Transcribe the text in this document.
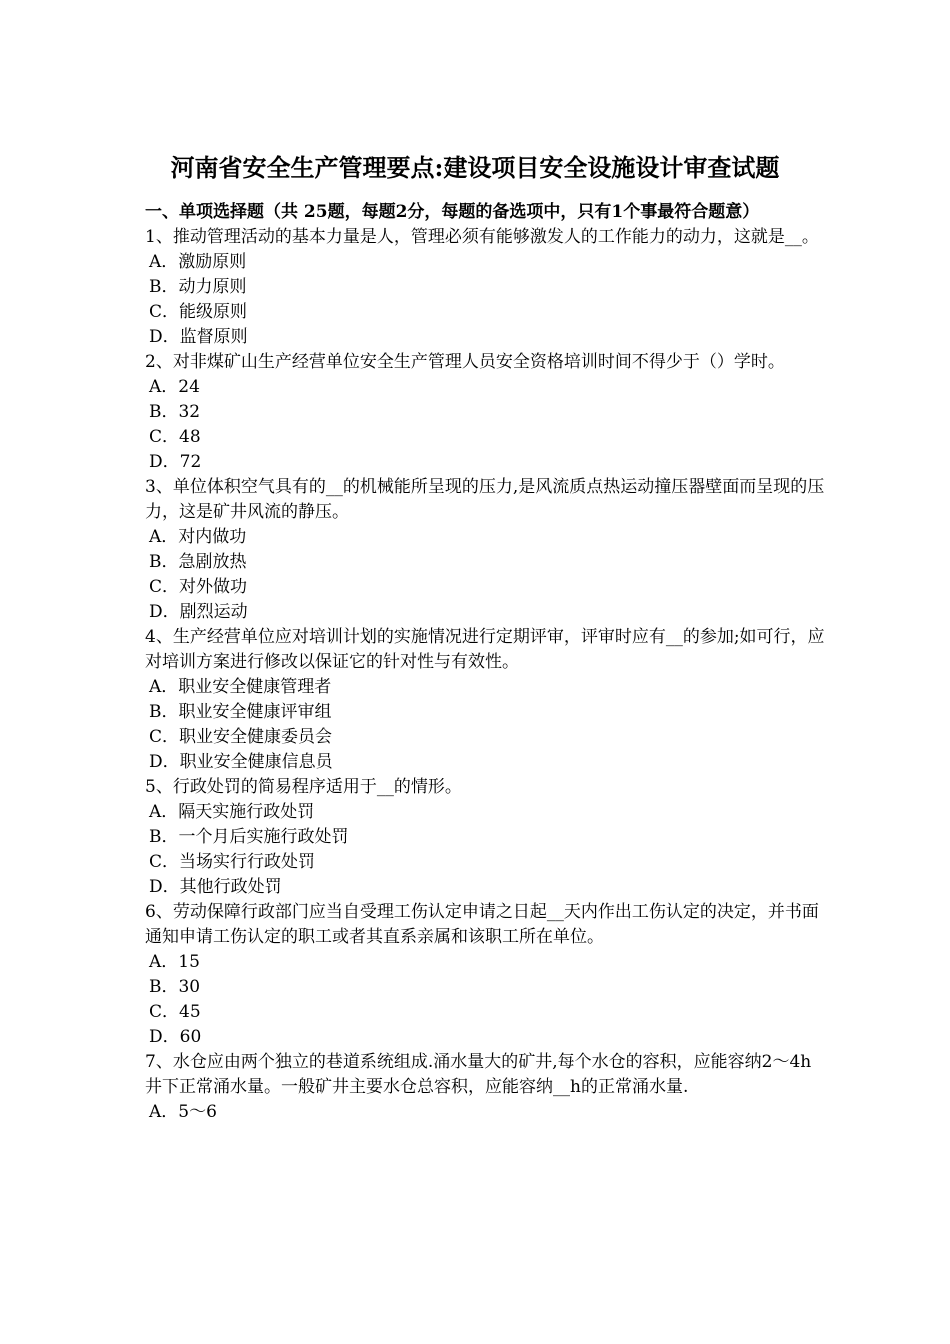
河南省安全生产管理要点:建设项目安全设施设计审查试题
一、单项选择题（共 25题，每题2分，每题的备选项中，只有1个事最符合题意）
1、推动管理活动的基本力量是人，管理必须有能够激发人的工作能力的动力，这就是__。
A．激励原则
B．动力原则
C．能级原则
D．监督原则
2、对非煤矿山生产经营单位安全生产管理人员安全资格培训时间不得少于（）学时。
A．24
B．32
C．48
D．72
3、单位体积空气具有的__的机械能所呈现的压力,是风流质点热运动撞压器壁面而呈现的压力，这是矿井风流的静压。
A．对内做功
B．急剧放热
C．对外做功
D．剧烈运动
4、生产经营单位应对培训计划的实施情况进行定期评审，评审时应有__的参加;如可行，应对培训方案进行修改以保证它的针对性与有效性。
A．职业安全健康管理者
B．职业安全健康评审组
C．职业安全健康委员会
D．职业安全健康信息员
5、行政处罚的简易程序适用于__的情形。
A．隔天实施行政处罚
B．一个月后实施行政处罚
C．当场实行行政处罚
D．其他行政处罚
6、劳动保障行政部门应当自受理工伤认定申请之日起__天内作出工伤认定的决定，并书面通知申请工伤认定的职工或者其直系亲属和该职工所在单位。
A．15
B．30
C．45
D．60
7、水仓应由两个独立的巷道系统组成.涌水量大的矿井,每个水仓的容积，应能容纳2～4h井下正常涌水量。一般矿井主要水仓总容积，应能容纳__h的正常涌水量.
A．5～6
